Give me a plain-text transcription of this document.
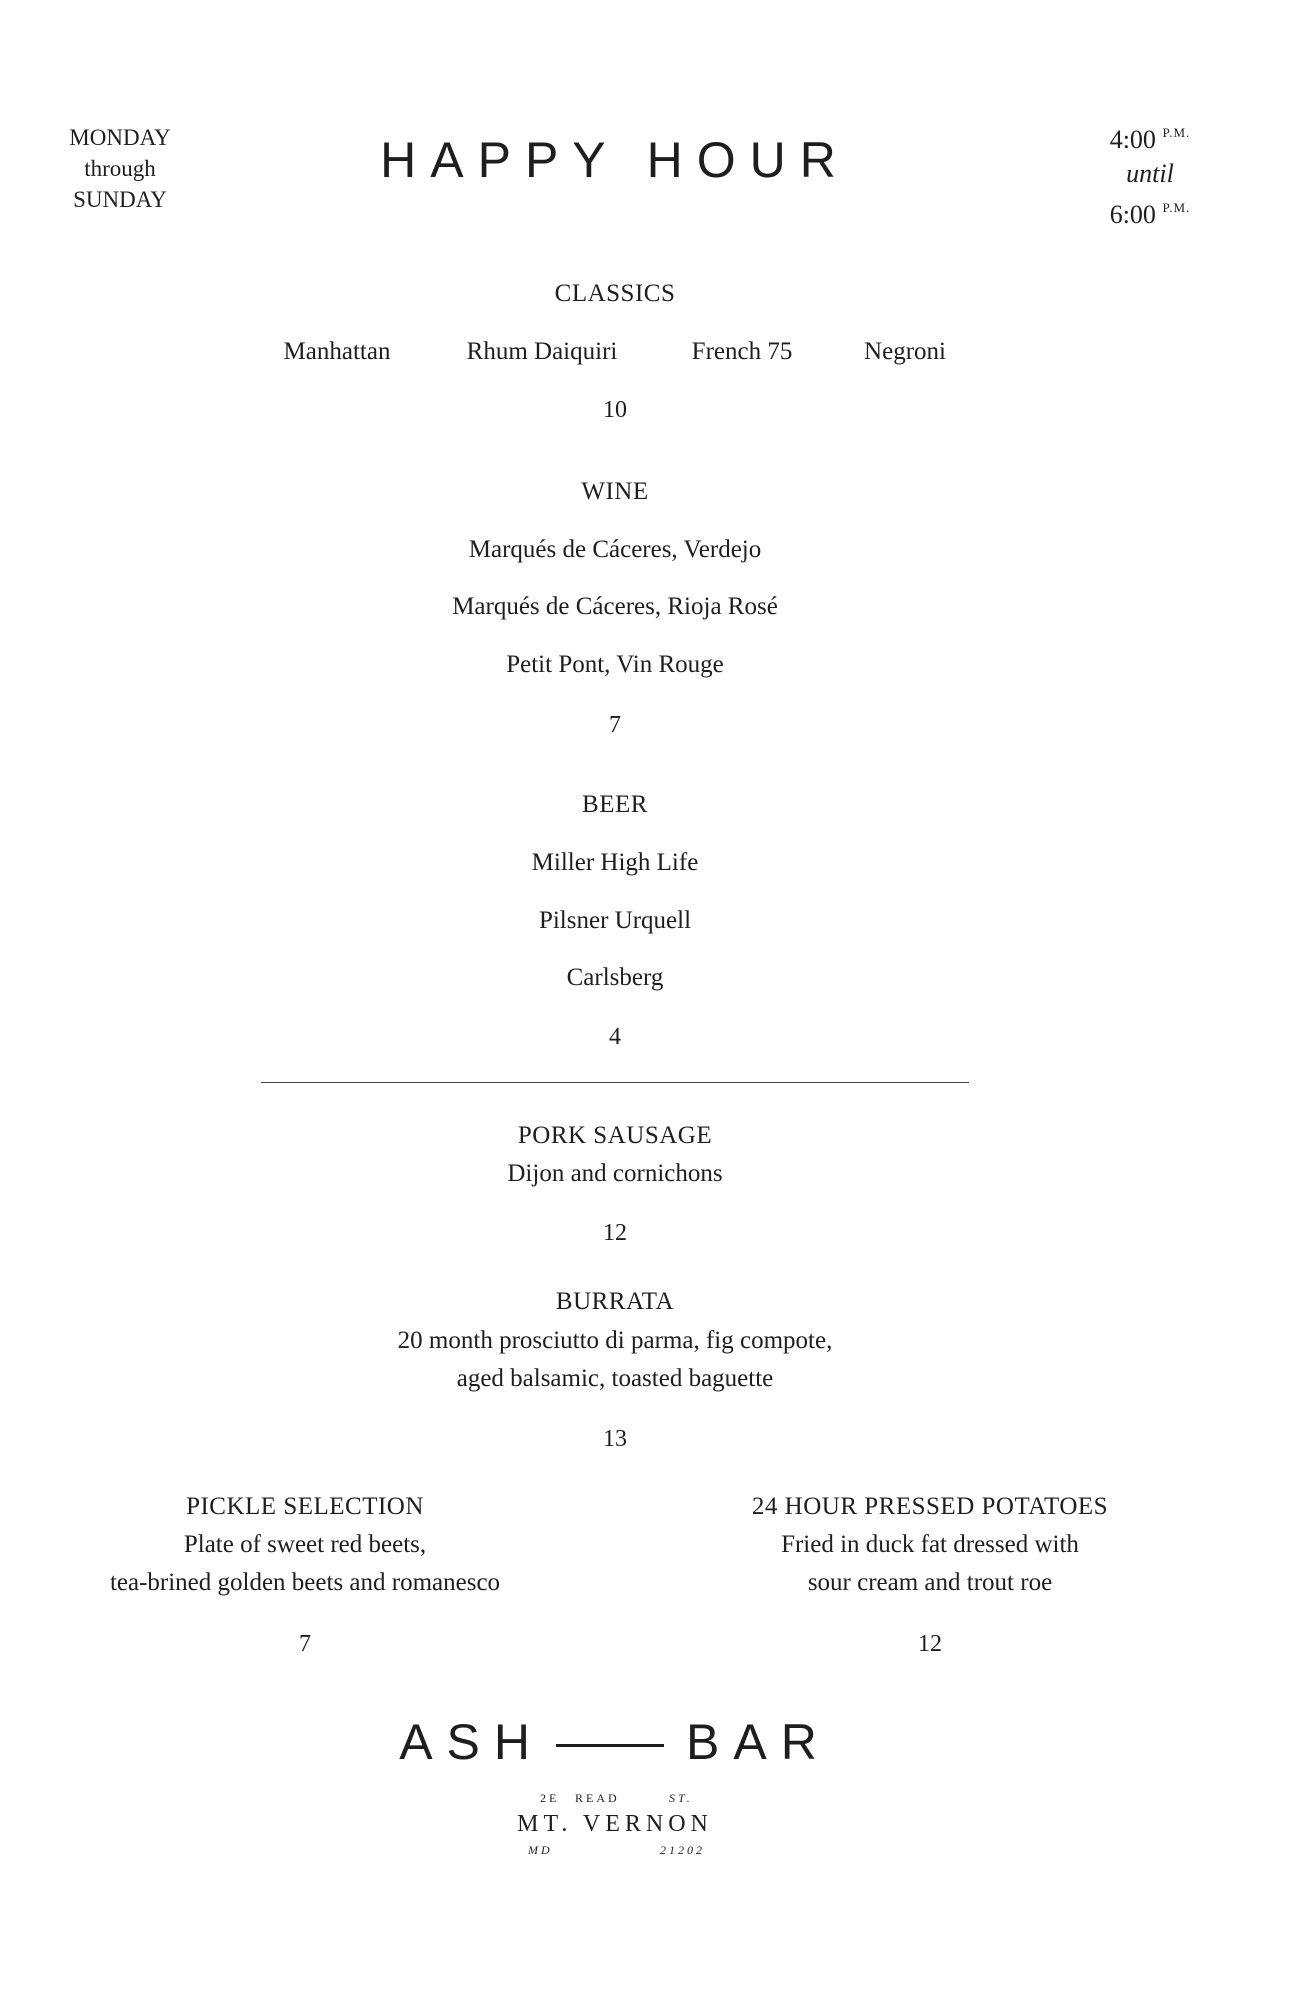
MONDAY
through
SUNDAY
HAPPY HOUR	4:00 $^{P.M.}$
until
6:00 $^{P.M.}$
CLASSICS
Manhattan	Rhum Daiquiri	French 75	Negroni
10
WINE
Marqués de Cáceres, Verdejo
Marqués de Cáceres, Rioja Rosé
Petit Pont, Vin Rouge
7
BEER
Miller High Life
Pilsner Urquell
Carlsberg
4
PORK SAUSAGE
Dijon and cornichons
12
BURRATA
20 month prosciutto di parma, fig compote,
aged balsamic, toasted baguette
13
PICKLE SELECTION
Plate of sweet red beets,
tea-brined golden beets and romanesco
7
24 HOUR PRESSED POTATOES
Fried in duck fat dressed with
sour cream and trout roe
12
ASH	BAR
2E READ	ST.
MT. VERNON
MD	21202
